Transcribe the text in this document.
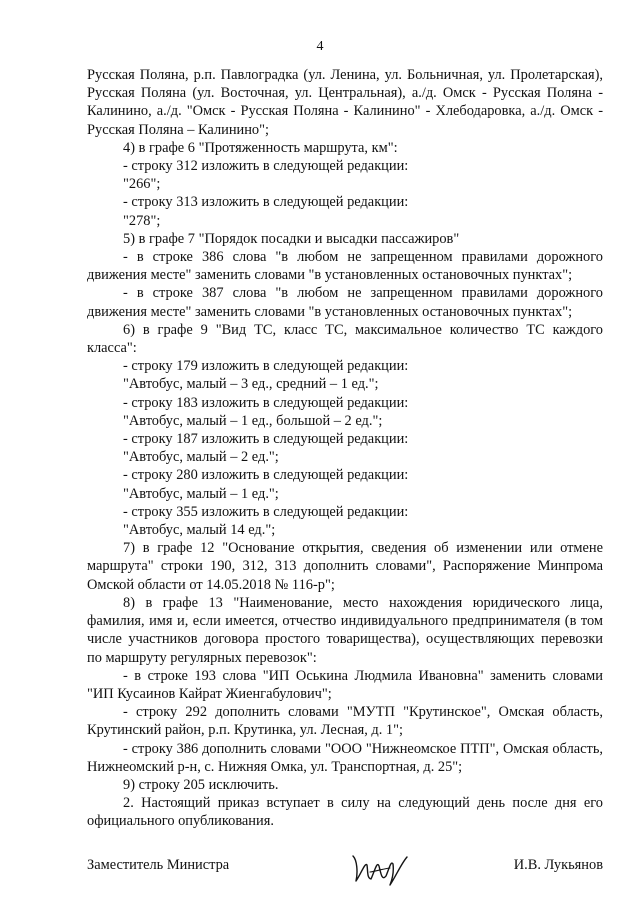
4

Русская Поляна, р.п. Павлоградка (ул. Ленина, ул. Больничная, ул. Пролетарская), Русская Поляна (ул. Восточная, ул. Центральная), а./д. Омск - Русская Поляна - Калинино, а./д. "Омск - Русская Поляна - Калинино" - Хлебодаровка, а./д. Омск - Русская Поляна – Калинино";

4) в графе 6 "Протяженность маршрута, км":

- строку 312 изложить в следующей редакции:

"266";

- строку 313 изложить в следующей редакции:

"278";

5) в графе 7 "Порядок посадки и высадки пассажиров"

- в строке 386 слова "в любом не запрещенном правилами дорожного движения месте" заменить словами "в установленных остановочных пунктах";

- в строке 387 слова "в любом не запрещенном правилами дорожного движения месте" заменить словами "в установленных остановочных пунктах";

6) в графе 9 "Вид ТС, класс ТС, максимальное количество ТС каждого класса":

- строку 179 изложить в следующей редакции:

"Автобус, малый – 3 ед., средний – 1 ед.";

- строку 183 изложить в следующей редакции:

"Автобус, малый – 1 ед., большой – 2 ед.";

- строку 187 изложить в следующей редакции:

"Автобус, малый – 2 ед.";

- строку 280 изложить в следующей редакции:

"Автобус, малый – 1 ед.";

- строку 355 изложить в следующей редакции:

"Автобус, малый 14 ед.";

7) в графе 12 "Основание открытия, сведения об изменении или отмене маршрута" строки 190, 312, 313 дополнить словами", Распоряжение Минпрома Омской области от 14.05.2018 № 116-р";

8) в графе 13 "Наименование, место нахождения юридического лица, фамилия, имя и, если имеется, отчество индивидуального предпринимателя (в том числе участников договора простого товарищества), осуществляющих перевозки по маршруту регулярных перевозок":

- в строке 193 слова "ИП Оськина Людмила Ивановна" заменить словами "ИП Кусаинов Кайрат Жиенгабулович";

- строку 292 дополнить словами "МУТП "Крутинское", Омская область, Крутинский район, р.п. Крутинка, ул. Лесная, д. 1";

- строку 386 дополнить словами "ООО "Нижнеомское ПТП", Омская область, Нижнеомский р-н, с. Нижняя Омка, ул. Транспортная, д. 25";

9) строку 205 исключить.

2. Настоящий приказ вступает в силу на следующий день после дня его официального опубликования.

Заместитель Министра	И.В. Лукьянов
